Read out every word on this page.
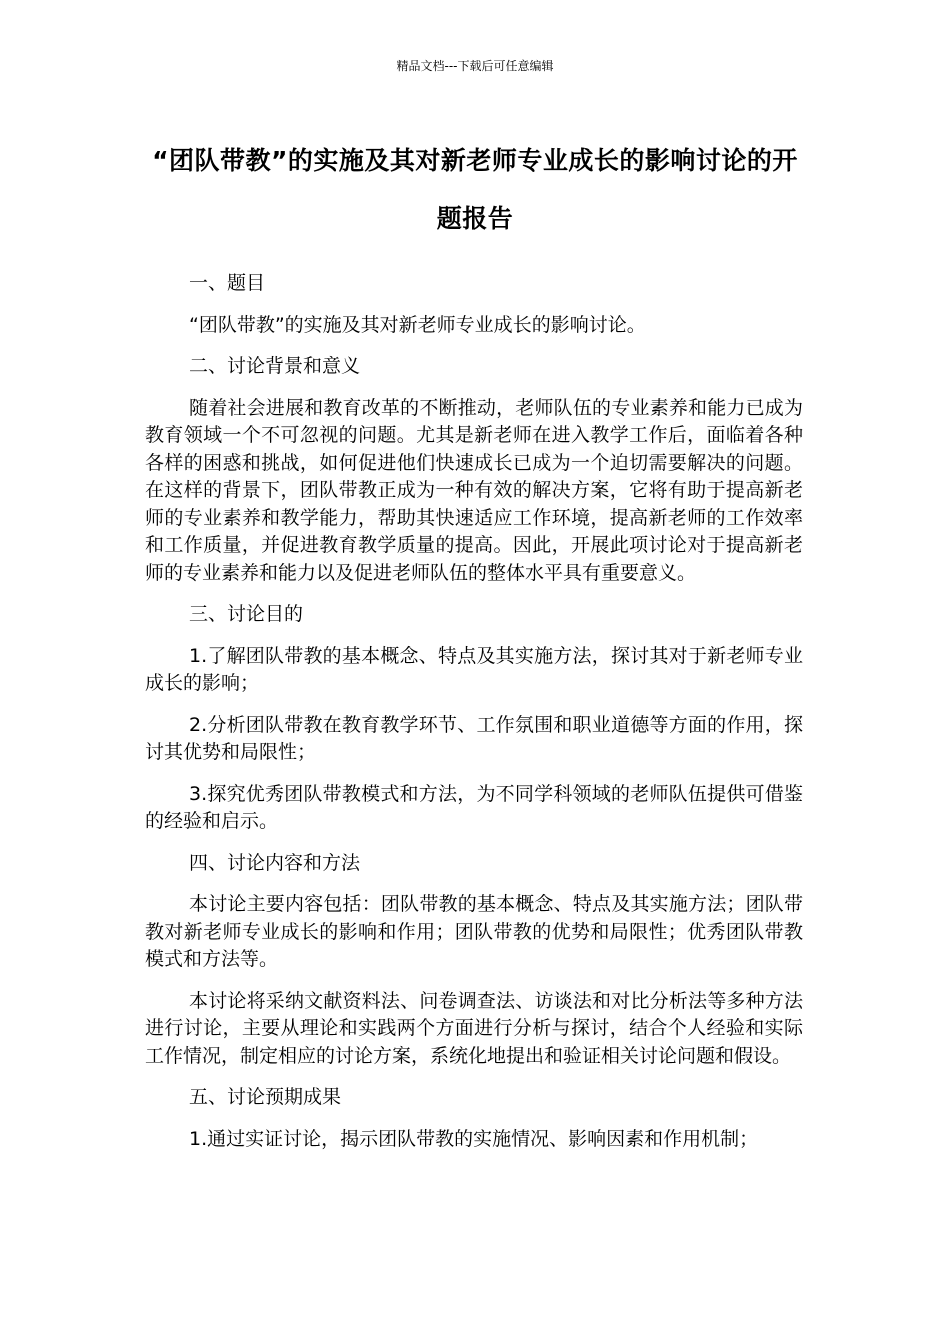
精品文档---下载后可任意编辑
“团队带教”的实施及其对新老师专业成长的影响讨论的开题报告

一、题目

“团队带教”的实施及其对新老师专业成长的影响讨论。

二、讨论背景和意义

随着社会进展和教育改革的不断推动，老师队伍的专业素养和能力已成为教育领域一个不可忽视的问题。尤其是新老师在进入教学工作后，面临着各种各样的困惑和挑战，如何促进他们快速成长已成为一个迫切需要解决的问题。在这样的背景下，团队带教正成为一种有效的解决方案，它将有助于提高新老师的专业素养和教学能力，帮助其快速适应工作环境，提高新老师的工作效率和工作质量，并促进教育教学质量的提高。因此，开展此项讨论对于提高新老师的专业素养和能力以及促进老师队伍的整体水平具有重要意义。

三、讨论目的

1.了解团队带教的基本概念、特点及其实施方法，探讨其对于新老师专业成长的影响；

2.分析团队带教在教育教学环节、工作氛围和职业道德等方面的作用，探讨其优势和局限性；

3.探究优秀团队带教模式和方法，为不同学科领域的老师队伍提供可借鉴的经验和启示。

四、讨论内容和方法

本讨论主要内容包括：团队带教的基本概念、特点及其实施方法；团队带教对新老师专业成长的影响和作用；团队带教的优势和局限性；优秀团队带教模式和方法等。

本讨论将采纳文献资料法、问卷调查法、访谈法和对比分析法等多种方法进行讨论，主要从理论和实践两个方面进行分析与探讨，结合个人经验和实际工作情况，制定相应的讨论方案，系统化地提出和验证相关讨论问题和假设。

五、讨论预期成果

1.通过实证讨论，揭示团队带教的实施情况、影响因素和作用机制；
